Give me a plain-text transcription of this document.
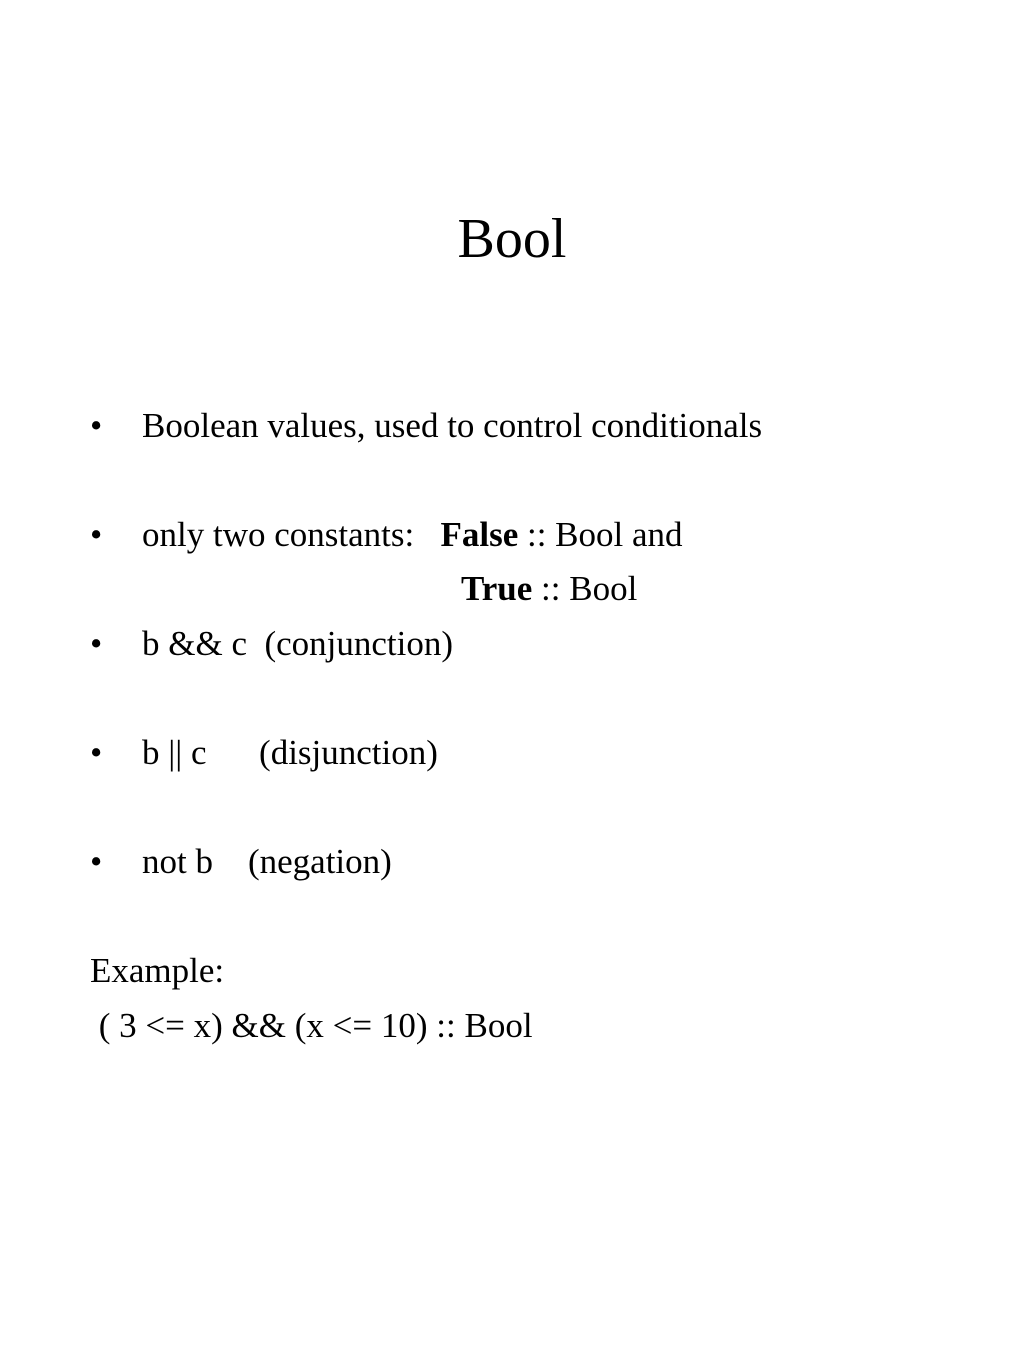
Bool
• Boolean values, used to control conditionals
• only two constants:   False :: Bool and
True :: Bool
• b && c  (conjunction)
• b || c      (disjunction)
• not b    (negation)
Example:
( 3 <= x) && (x <= 10) :: Bool
